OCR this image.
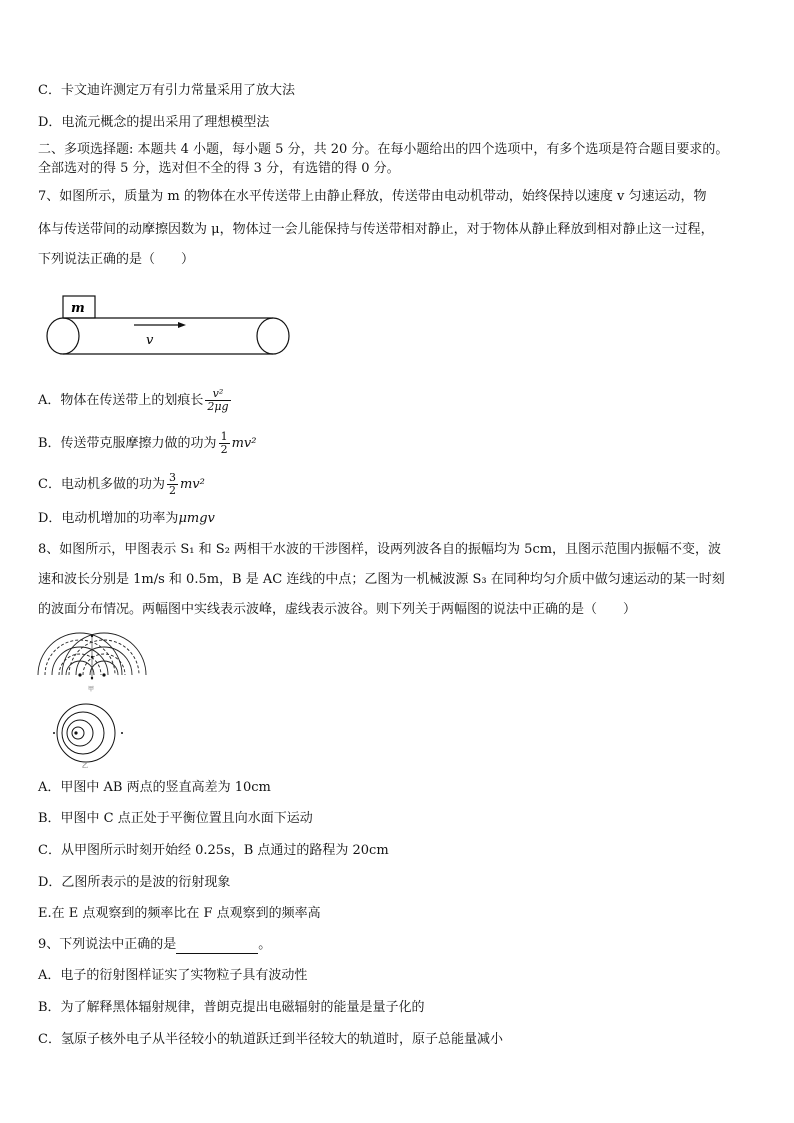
C．卡文迪许测定万有引力常量采用了放大法
D．电流元概念的提出采用了理想模型法
二、多项选择题: 本题共 4 小题，每小题 5 分，共 20 分。在每小题给出的四个选项中，有多个选项是符合题目要求的。
全部选对的得 5 分，选对但不全的得 3 分，有选错的得 0 分。
7、如图所示，质量为 m 的物体在水平传送带上由静止释放，传送带由电动机带动，始终保持以速度 v 匀速运动，物
体与传送带间的动摩擦因数为 μ，物体过一会儿能保持与传送带相对静止，对于物体从静止释放到相对静止这一过程，
下列说法正确的是（　　）
m
v
A．物体在传送带上的划痕长 $\frac{\text{v²}}{2\mu g}$
B．传送带克服摩擦力做的功为 $\frac{1}{2} mv^2$
C．电动机多做的功为 $\frac{3}{2} mv^2$
D．电动机增加的功率为μmgv
8、如图所示，甲图表示 S₁ 和 S₂ 两相干水波的干涉图样，设两列波各自的振幅均为 5cm，且图示范围内振幅不变，波
速和波长分别是 1m/s 和 0.5m，B 是 AC 连线的中点；乙图为一机械波源 S₃ 在同种均匀介质中做匀速运动的某一时刻
的波面分布情况。两幅图中实线表示波峰，虚线表示波谷。则下列关于两幅图的说法中正确的是（　　）
甲
乙
A．甲图中 AB 两点的竖直高差为 10cm
B．甲图中 C 点正处于平衡位置且向水面下运动
C．从甲图所示时刻开始经 0.25s，B 点通过的路程为 20cm
D．乙图所表示的是波的衍射现象
E.在 E 点观察到的频率比在 F 点观察到的频率高
9、下列说法中正确的是	。
A．电子的衍射图样证实了实物粒子具有波动性
B．为了解释黑体辐射规律，普朗克提出电磁辐射的能量是量子化的
C．氢原子核外电子从半径较小的轨道跃迁到半径较大的轨道时，原子总能量减小
